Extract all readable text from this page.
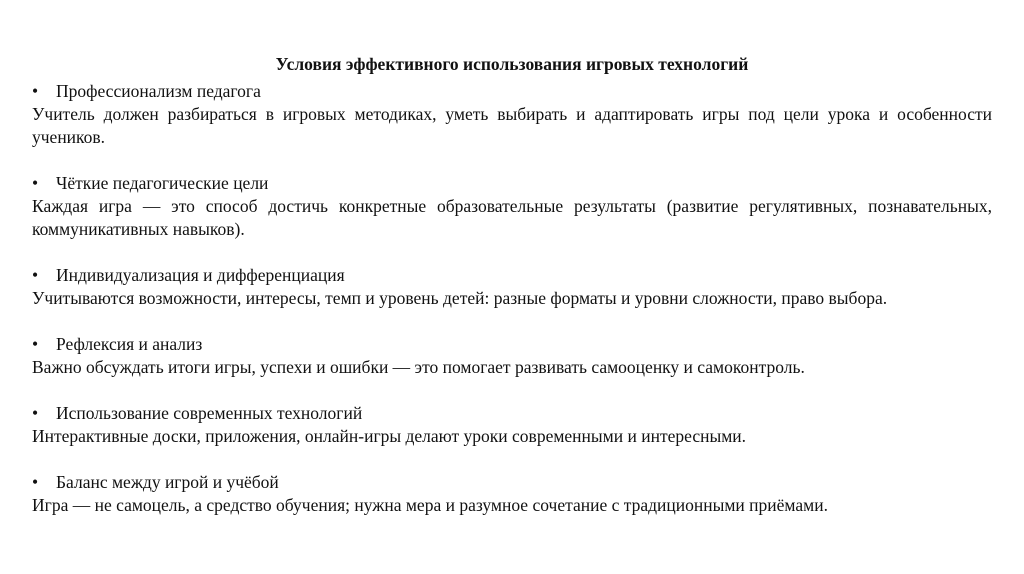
Условия эффективного использования игровых технологий
•	Профессионализм педагога
Учитель должен разбираться в игровых методиках, уметь выбирать и адаптировать игры под цели урока и особенности учеников.
•	Чёткие педагогические цели
Каждая игра — это способ достичь конкретные образовательные результаты (развитие регулятивных, познавательных, коммуникативных навыков).
•	Индивидуализация и дифференциация
Учитываются возможности, интересы, темп и уровень детей: разные форматы и уровни сложности, право выбора.
•	Рефлексия и анализ
Важно обсуждать итоги игры, успехи и ошибки — это помогает развивать самооценку и самоконтроль.
•	Использование современных технологий
Интерактивные доски, приложения, онлайн-игры делают уроки современными и интересными.
•	Баланс между игрой и учёбой
Игра — не самоцель, а средство обучения; нужна мера и разумное сочетание с традиционными приёмами.
